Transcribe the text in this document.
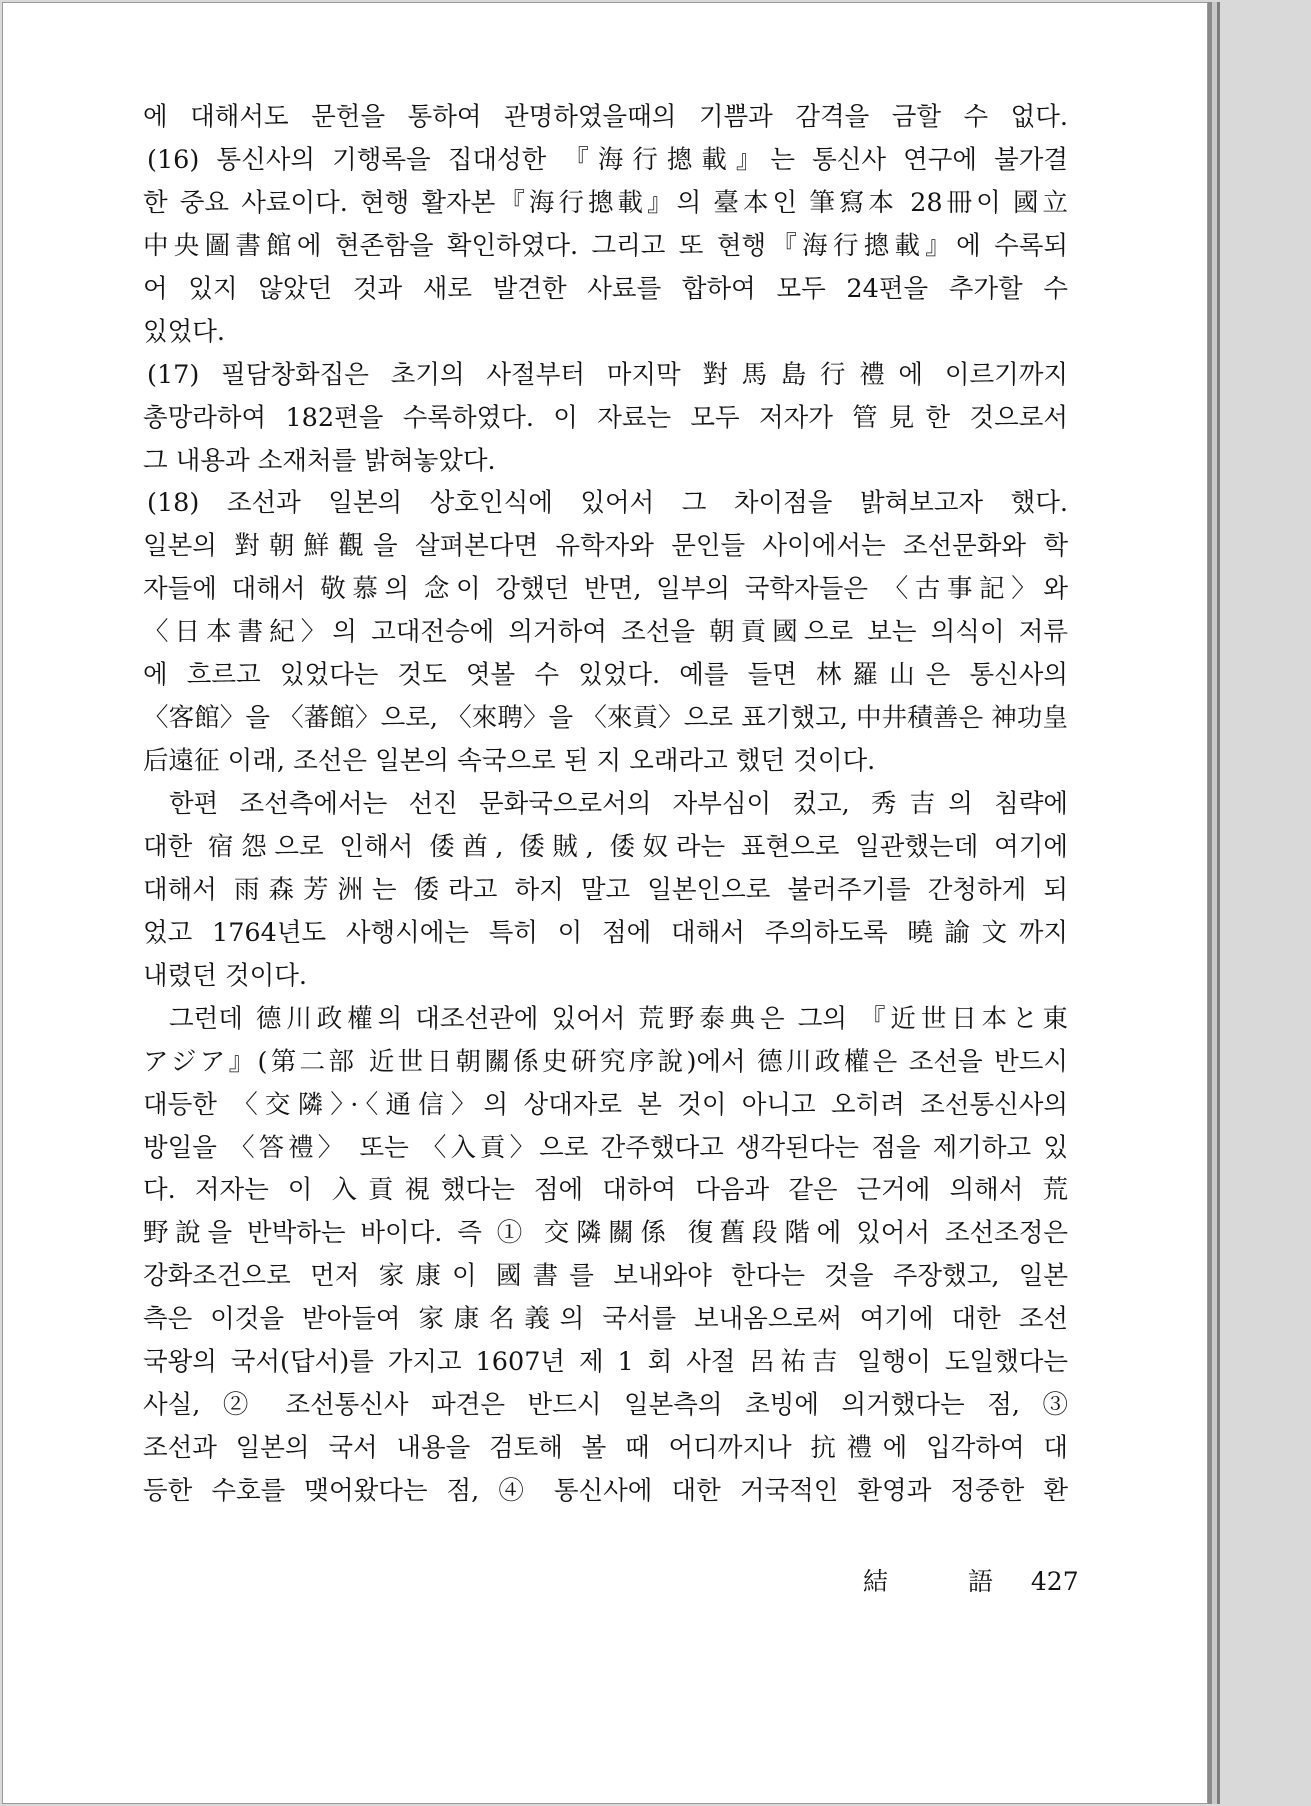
에 대해서도 문헌을 통하여 관명하였을때의 기쁨과 감격을 금할 수 없다.
(16) 통신사의 기행록을 집대성한 『海行摠載』는 통신사 연구에 불가결
한 중요 사료이다. 현행 활자본『海行摠載』의 臺本인 筆寫本 28冊이 國立
中央圖書館에 현존함을 확인하였다. 그리고 또 현행『海行摠載』에 수록되
어 있지 않았던 것과 새로 발견한 사료를 합하여 모두 24편을 추가할 수
있었다.
(17) 필담창화집은 초기의 사절부터 마지막 對馬島行禮에 이르기까지
총망라하여 182편을 수록하였다. 이 자료는 모두 저자가 管見한 것으로서
그 내용과 소재처를 밝혀놓았다.
(18) 조선과 일본의 상호인식에 있어서 그 차이점을 밝혀보고자 했다.
일본의 對朝鮮觀을 살펴본다면 유학자와 문인들 사이에서는 조선문화와 학
자들에 대해서 敬慕의 念이 강했던 반면, 일부의 국학자들은 〈古事記〉와
〈日本書紀〉의 고대전승에 의거하여 조선을 朝貢國으로 보는 의식이 저류
에 흐르고 있었다는 것도 엿볼 수 있었다. 예를 들면 林羅山은 통신사의
〈客館〉을 〈蕃館〉으로, 〈來聘〉을 〈來貢〉으로 표기했고, 中井積善은 神功皇
后遠征 이래, 조선은 일본의 속국으로 된 지 오래라고 했던 것이다.
한편 조선측에서는 선진 문화국으로서의 자부심이 컸고, 秀吉의 침략에
대한 宿怨으로 인해서 倭酋, 倭賊, 倭奴라는 표현으로 일관했는데 여기에
대해서 雨森芳洲는 倭라고 하지 말고 일본인으로 불러주기를 간청하게 되
었고 1764년도 사행시에는 특히 이 점에 대해서 주의하도록 曉諭文까지
내렸던 것이다.
그런데 德川政權의 대조선관에 있어서 荒野泰典은 그의 『近世日本と東
アジア』(第二部 近世日朝關係史硏究序說)에서 德川政權은 조선을 반드시
대등한 〈交隣〉·〈通信〉의 상대자로 본 것이 아니고 오히려 조선통신사의
방일을 〈答禮〉 또는 〈入貢〉으로 간주했다고 생각된다는 점을 제기하고 있
다. 저자는 이 入貢視했다는 점에 대하여 다음과 같은 근거에 의해서 荒
野說을 반박하는 바이다. 즉 ① 交隣關係 復舊段階에 있어서 조선조정은
강화조건으로 먼저 家康이 國書를 보내와야 한다는 것을 주장했고, 일본
측은 이것을 받아들여 家康名義의 국서를 보내옴으로써 여기에 대한 조선
국왕의 국서(답서)를 가지고 1607년 제 1 회 사절 呂祐吉 일행이 도일했다는
사실, ② 조선통신사 파견은 반드시 일본측의 초빙에 의거했다는 점, ③
조선과 일본의 국서 내용을 검토해 볼 때 어디까지나 抗禮에 입각하여 대
등한 수호를 맺어왔다는 점, ④ 통신사에 대한 거국적인 환영과 정중한 환
結 語 427
